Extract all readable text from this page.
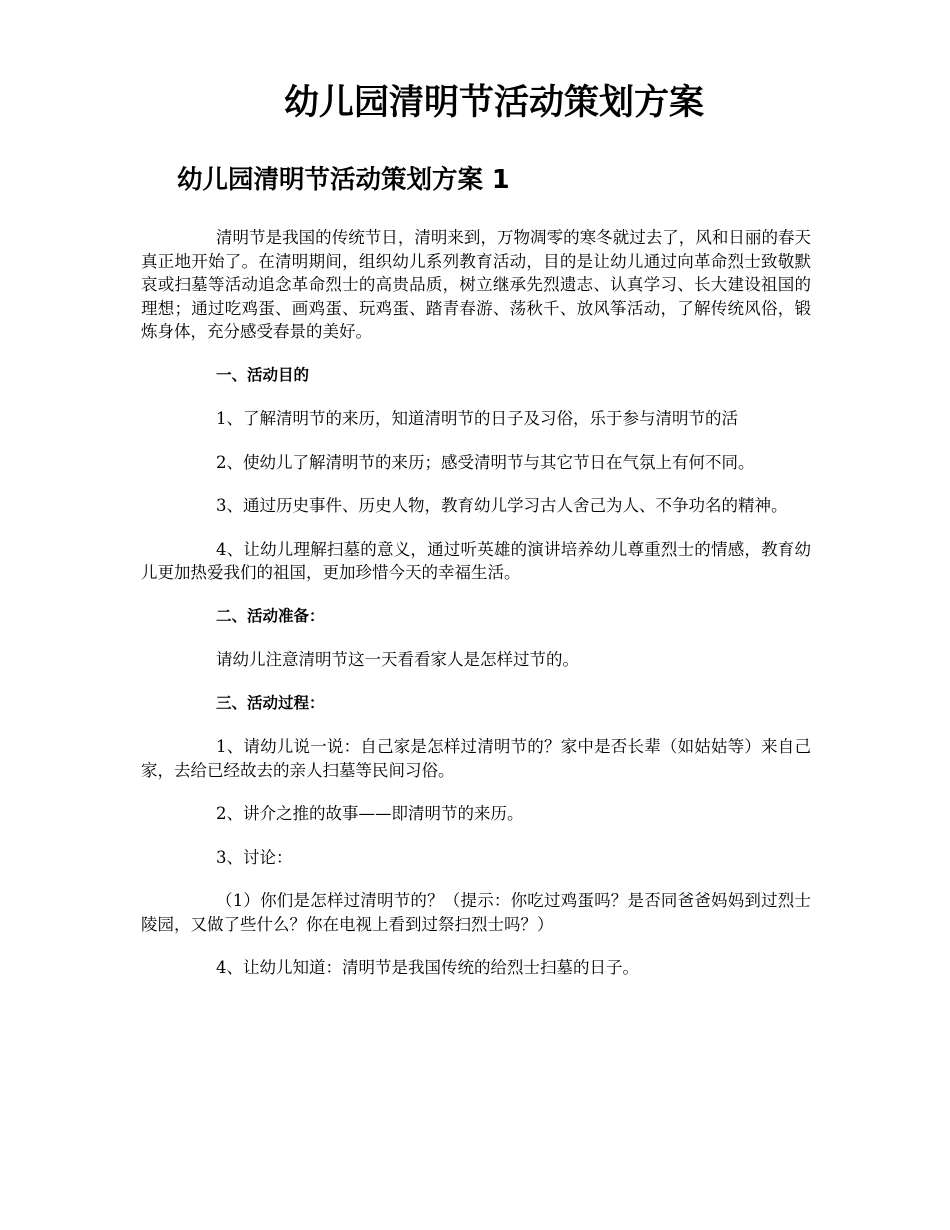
幼儿园清明节活动策划方案
幼儿园清明节活动策划方案 1

清明节是我国的传统节日，清明来到，万物凋零的寒冬就过去了，风和日丽的春天真正地开始了。在清明期间，组织幼儿系列教育活动，目的是让幼儿通过向革命烈士致敬默哀或扫墓等活动追念革命烈士的高贵品质，树立继承先烈遗志、认真学习、长大建设祖国的理想；通过吃鸡蛋、画鸡蛋、玩鸡蛋、踏青春游、荡秋千、放风筝活动，了解传统风俗，锻炼身体，充分感受春景的美好。

一、活动目的

1、了解清明节的来历，知道清明节的日子及习俗，乐于参与清明节的活

2、使幼儿了解清明节的来历；感受清明节与其它节日在气氛上有何不同。

3、通过历史事件、历史人物，教育幼儿学习古人舍己为人、不争功名的精神。

4、让幼儿理解扫墓的意义，通过听英雄的演讲培养幼儿尊重烈士的情感，教育幼儿更加热爱我们的祖国，更加珍惜今天的幸福生活。

二、活动准备：

请幼儿注意清明节这一天看看家人是怎样过节的。

三、活动过程：

1、请幼儿说一说：自己家是怎样过清明节的？家中是否长辈（如姑姑等）来自己家，去给已经故去的亲人扫墓等民间习俗。

2、讲介之推的故事——即清明节的来历。

3、讨论：

（1）你们是怎样过清明节的？（提示：你吃过鸡蛋吗？是否同爸爸妈妈到过烈士陵园，又做了些什么？你在电视上看到过祭扫烈士吗？）

4、让幼儿知道：清明节是我国传统的给烈士扫墓的日子。
